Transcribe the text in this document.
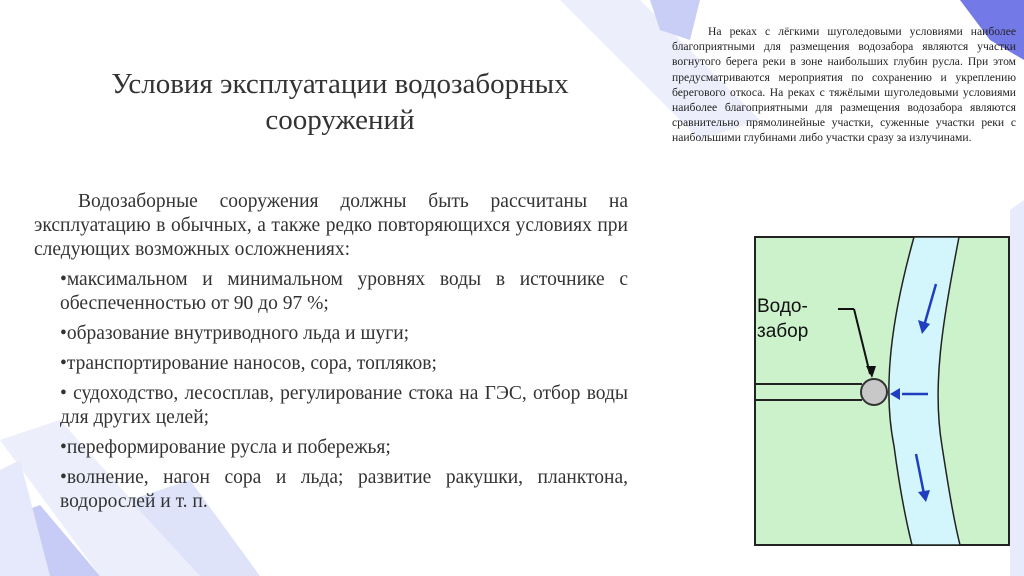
Условия эксплуатации водозаборных сооружений

Водозаборные сооружения должны быть рассчитаны на эксплуатацию в обычных, а также редко повторяющихся условиях при следующих возможных осложнениях:

• максимальном и минимальном уровнях воды в источнике с обеспеченностью от 90 до 97 %;
• образование внутриводного льда и шуги;
• транспортирование наносов, сора, топляков;
• судоходство, лесосплав, регулирование стока на ГЭС, отбор воды для других целей;
• переформирование русла и побережья;
• волнение, нагон сора и льда; развитие ракушки, планктона, водорослей и т. п.

На реках с лёгкими шуголедовыми условиями наиболее благоприятными для размещения водозабора являются участки вогнутого берега реки в зоне наибольших глубин русла. При этом предусматриваются мероприятия по сохранению и укреплению берегового откоса. На реках с тяжёлыми шуголедовыми условиями наиболее благоприятными для размещения водозабора являются сравнительно прямолинейные участки, суженные участки реки с наибольшими глубинами либо участки сразу за излучинами.

Водо-
забор
